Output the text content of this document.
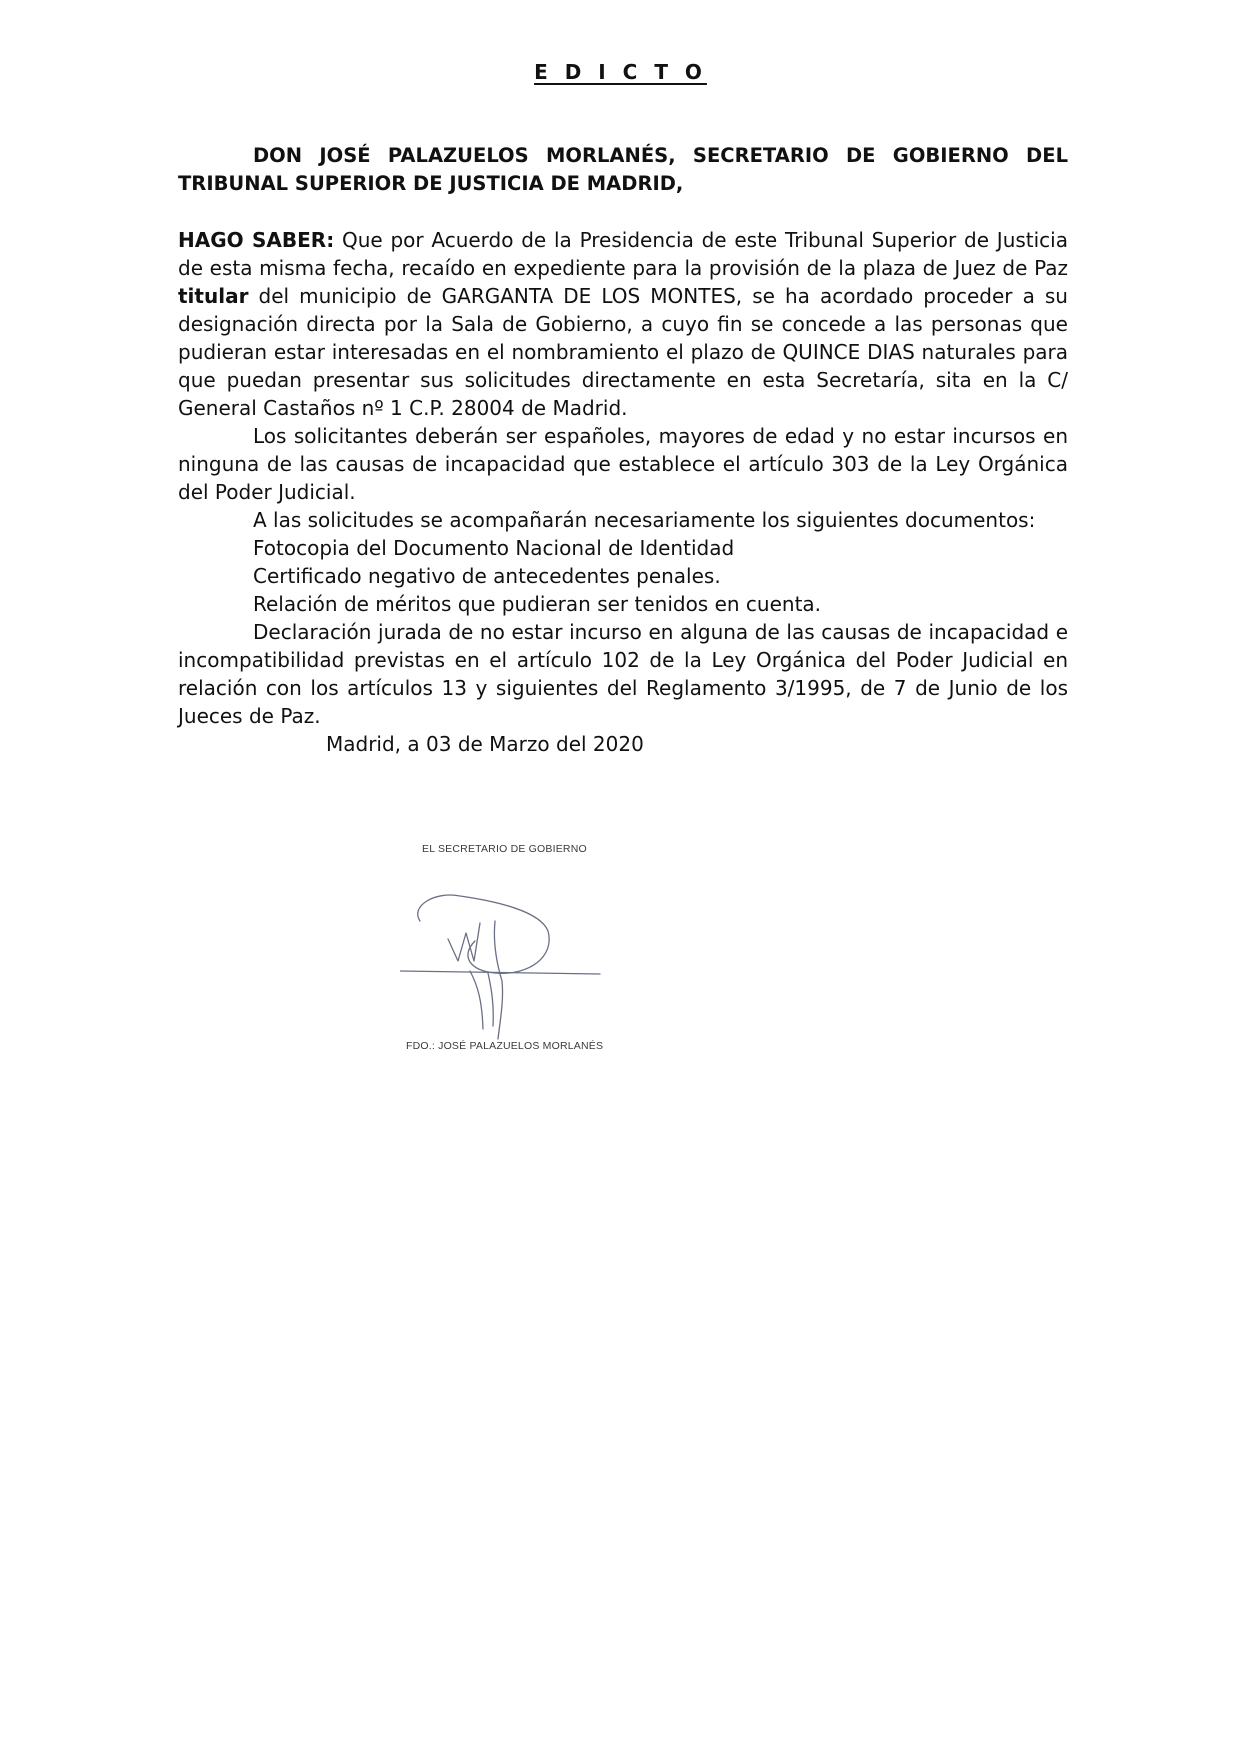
E D I C T O
DON JOSÉ PALAZUELOS MORLANÉS, SECRETARIO DE GOBIERNO DEL
TRIBUNAL SUPERIOR DE JUSTICIA DE MADRID,

HAGO SABER: Que por Acuerdo de la Presidencia de este Tribunal Superior de Justicia de esta misma fecha, recaído en expediente para la provisión de la plaza de Juez de Paz titular del municipio de GARGANTA DE LOS MONTES, se ha acordado proceder a su designación directa por la Sala de Gobierno, a cuyo fin se concede a las personas que pudieran estar interesadas en el nombramiento el plazo de QUINCE DIAS naturales para que puedan presentar sus solicitudes directamente en esta Secretaría, sita en la C/ General Castaños nº 1 C.P. 28004 de Madrid.

Los solicitantes deberán ser españoles, mayores de edad y no estar incursos en ninguna de las causas de incapacidad que establece el artículo 303 de la Ley Orgánica del Poder Judicial.

A las solicitudes se acompañarán necesariamente los siguientes documentos:

Fotocopia del Documento Nacional de Identidad

Certificado negativo de antecedentes penales.

Relación de méritos que pudieran ser tenidos en cuenta.

Declaración jurada de no estar incurso en alguna de las causas de incapacidad e incompatibilidad previstas en el artículo 102 de la Ley Orgánica del Poder Judicial en relación con los artículos 13 y siguientes del Reglamento 3/1995, de 7 de Junio de los Jueces de Paz.

Madrid, a 03 de Marzo del 2020

EL SECRETARIO DE GOBIERNO
FDO.: JOSÉ PALAZUELOS MORLANÉS
